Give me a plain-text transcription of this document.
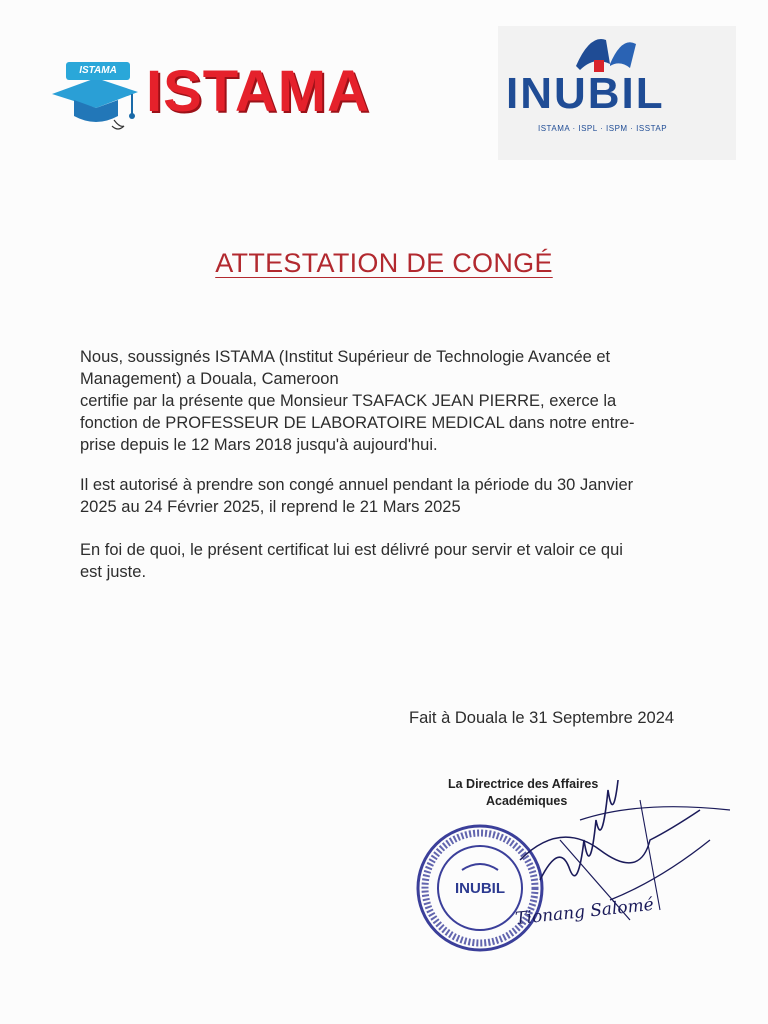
ISTAMA ISTAMA	INUBIL
ISTAMA · ISPL · ISPM · ISSTAP
ATTESTATION DE CONGÉ
Nous, soussignés ISTAMA (Institut Supérieur de Technologie Avancée et
Management) a Douala, Cameroon
certifie par la présente que Monsieur TSAFACK JEAN PIERRE, exerce la
fonction de PROFESSEUR DE LABORATOIRE MEDICAL dans notre entre-
prise depuis le 12 Mars 2018 jusqu'à aujourd'hui.
Il est autorisé à prendre son congé annuel pendant la période du 30 Janvier
2025 au 24 Février 2025, il reprend le 21 Mars 2025
En foi de quoi, le présent certificat lui est délivré pour servir et valoir ce qui
est juste.
Fait à Douala le 31 Septembre 2024
La Directrice des Affaires
Académiques
INUBIL
Tionang Salomé
